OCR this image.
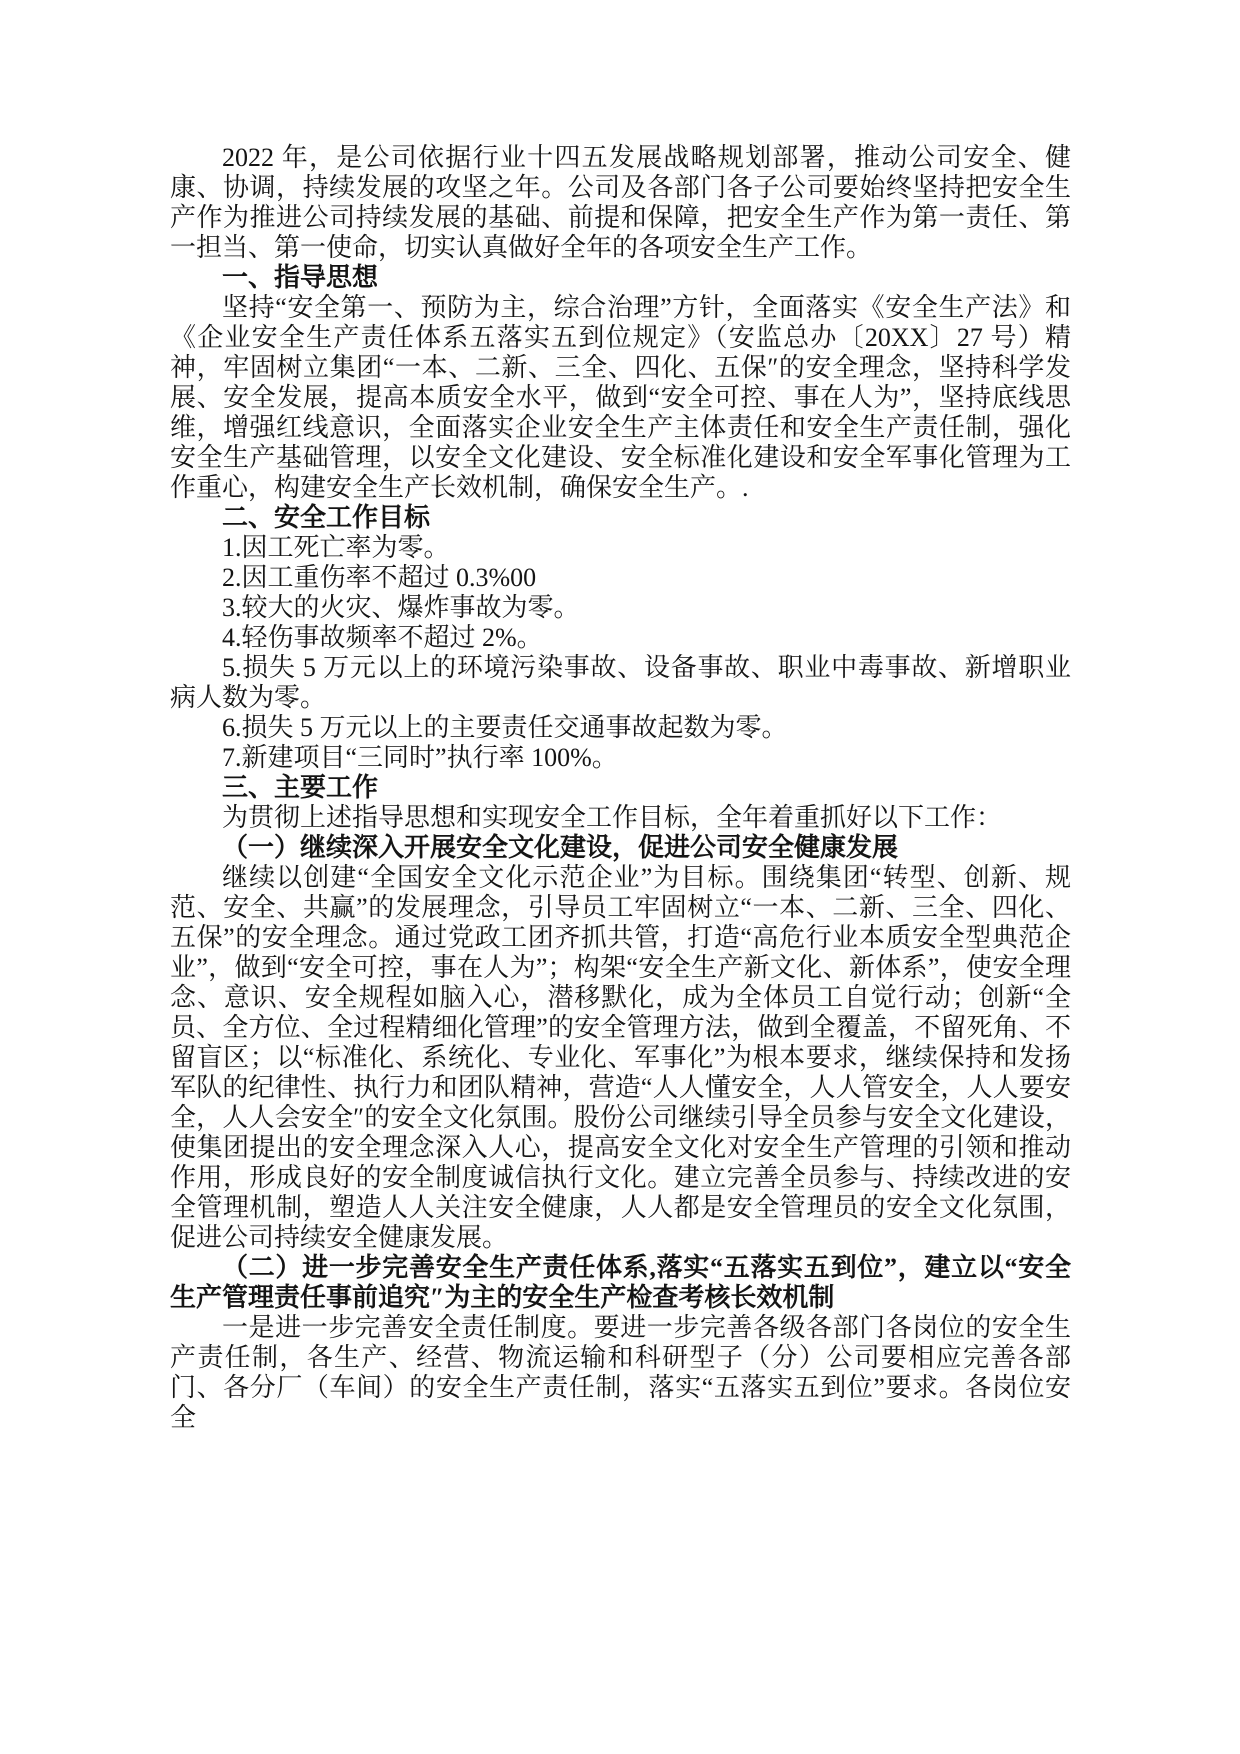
2022 年，是公司依据行业十四五发展战略规划部署，推动公司安全、健康、协调，持续发展的攻坚之年。公司及各部门各子公司要始终坚持把安全生产作为推进公司持续发展的基础、前提和保障，把安全生产作为第一责任、第一担当、第一使命，切实认真做好全年的各项安全生产工作。

一、指导思想

坚持“安全第一、预防为主，综合治理”方针，全面落实《安全生产法》和《企业安全生产责任体系五落实五到位规定》（安监总办〔20XX〕27 号）精神，牢固树立集团“一本、二新、三全、四化、五保″的安全理念，坚持科学发展、安全发展，提高本质安全水平，做到“安全可控、事在人为”，坚持底线思维，增强红线意识，全面落实企业安全生产主体责任和安全生产责任制，强化安全生产基础管理，以安全文化建设、安全标准化建设和安全军事化管理为工作重心，构建安全生产长效机制，确保安全生产。.

二、安全工作目标

1.因工死亡率为零。

2.因工重伤率不超过 0.3%00

3.较大的火灾、爆炸事故为零。

4.轻伤事故频率不超过 2%。

5.损失 5 万元以上的环境污染事故、设备事故、职业中毒事故、新增职业病人数为零。

6.损失 5 万元以上的主要责任交通事故起数为零。

7.新建项目“三同时”执行率 100%。

三、主要工作

为贯彻上述指导思想和实现安全工作目标，全年着重抓好以下工作：

（一）继续深入开展安全文化建设，促进公司安全健康发展

继续以创建“全国安全文化示范企业”为目标。围绕集团“转型、创新、规范、安全、共赢”的发展理念，引导员工牢固树立“一本、二新、三全、四化、五保”的安全理念。通过党政工团齐抓共管，打造“高危行业本质安全型典范企业”，做到“安全可控，事在人为”；构架“安全生产新文化、新体系”，使安全理念、意识、安全规程如脑入心，潜移默化，成为全体员工自觉行动；创新“全员、全方位、全过程精细化管理”的安全管理方法，做到全覆盖，不留死角、不留盲区；以“标准化、系统化、专业化、军事化”为根本要求，继续保持和发扬军队的纪律性、执行力和团队精神，营造“人人懂安全，人人管安全，人人要安全，人人会安全″的安全文化氛围。股份公司继续引导全员参与安全文化建设，使集团提出的安全理念深入人心，提高安全文化对安全生产管理的引领和推动作用，形成良好的安全制度诚信执行文化。建立完善全员参与、持续改进的安全管理机制，塑造人人关注安全健康，人人都是安全管理员的安全文化氛围，促进公司持续安全健康发展。

（二）进一步完善安全生产责任体系,落实“五落实五到位”，建立以“安全生产管理责任事前追究″为主的安全生产检查考核长效机制

一是进一步完善安全责任制度。要进一步完善各级各部门各岗位的安全生产责任制，各生产、经营、物流运输和科研型子（分）公司要相应完善各部门、各分厂（车间）的安全生产责任制，落实“五落实五到位”要求。各岗位安全
